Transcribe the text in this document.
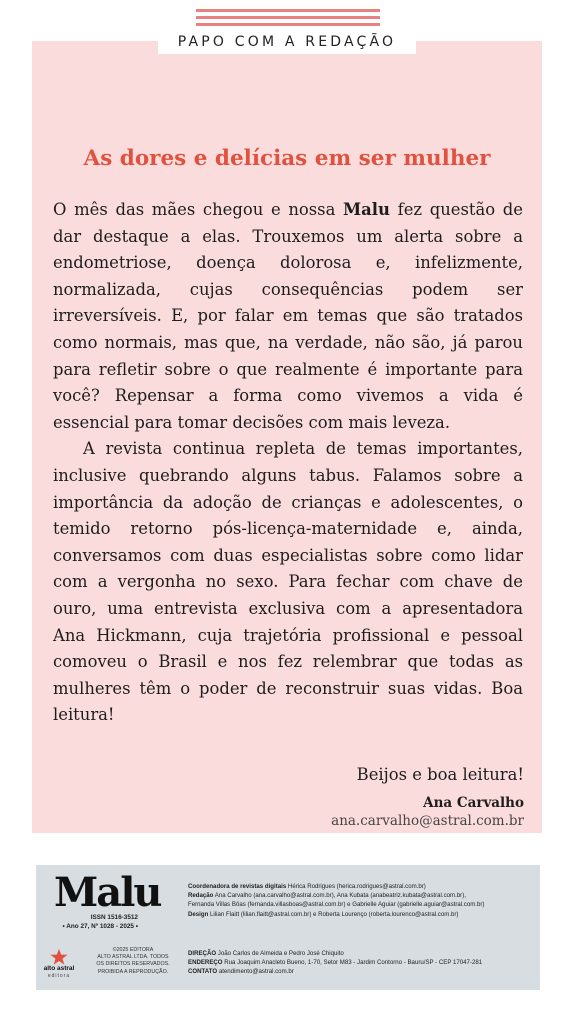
PAPO COM A REDAÇÃO
As dores e delícias em ser mulher

O mês das mães chegou e nossa Malu fez questão de dar destaque a elas. Trouxemos um alerta sobre a endometriose, doença dolorosa e, infelizmente, normalizada, cujas consequências podem ser irreversíveis. E, por falar em temas que são tratados como normais, mas que, na verdade, não são, já parou para refletir sobre o que realmente é importante para você? Repensar a forma como vivemos a vida é essencial para tomar decisões com mais leveza.

A revista continua repleta de temas importantes, inclusive quebrando alguns tabus. Falamos sobre a importância da adoção de crianças e adolescentes, o temido retorno pós-licença-maternidade e, ainda, conversamos com duas especialistas sobre como lidar com a vergonha no sexo. Para fechar com chave de ouro, uma entrevista exclusiva com a apresentadora Ana Hickmann, cuja trajetória profissional e pessoal comoveu o Brasil e nos fez relembrar que todas as mulheres têm o poder de reconstruir suas vidas. Boa leitura!

Beijos e boa leitura!
Ana Carvalho
ana.carvalho@astral.com.br
Malu
ISSN 1516-3512
• Ano 27, Nº 1028 - 2025 •
alto astral
editora
©2025 EDITORA
ALTO ASTRAL LTDA. TODOS
OS DIREITOS RESERVADOS.
PROIBIDA A REPRODUÇÃO.
Coordenadora de revistas digitais Hérica Rodrigues (herica.rodrigues@astral.com.br)
Redação Ana Carvalho (ana.carvalho@astral.com.br), Ana Kubata (anabeatriz.kubata@astral.com.br),
Fernanda Villas Bôas (fernanda.villasboas@astral.com.br) e Gabrielle Aguiar (gabrielle.aguiar@astral.com.br)
Design Lilian Flaitt (lilian.flaitt@astral.com.br) e Roberta Lourenço (roberta.lourenco@astral.com.br)
DIREÇÃO João Carlos de Almeida e Pedro José Chiquito
ENDEREÇO Rua Joaquim Anacleto Bueno, 1-70, Setor M83 - Jardim Contorno - Bauru/SP - CEP 17047-281
CONTATO atendimento@astral.com.br
